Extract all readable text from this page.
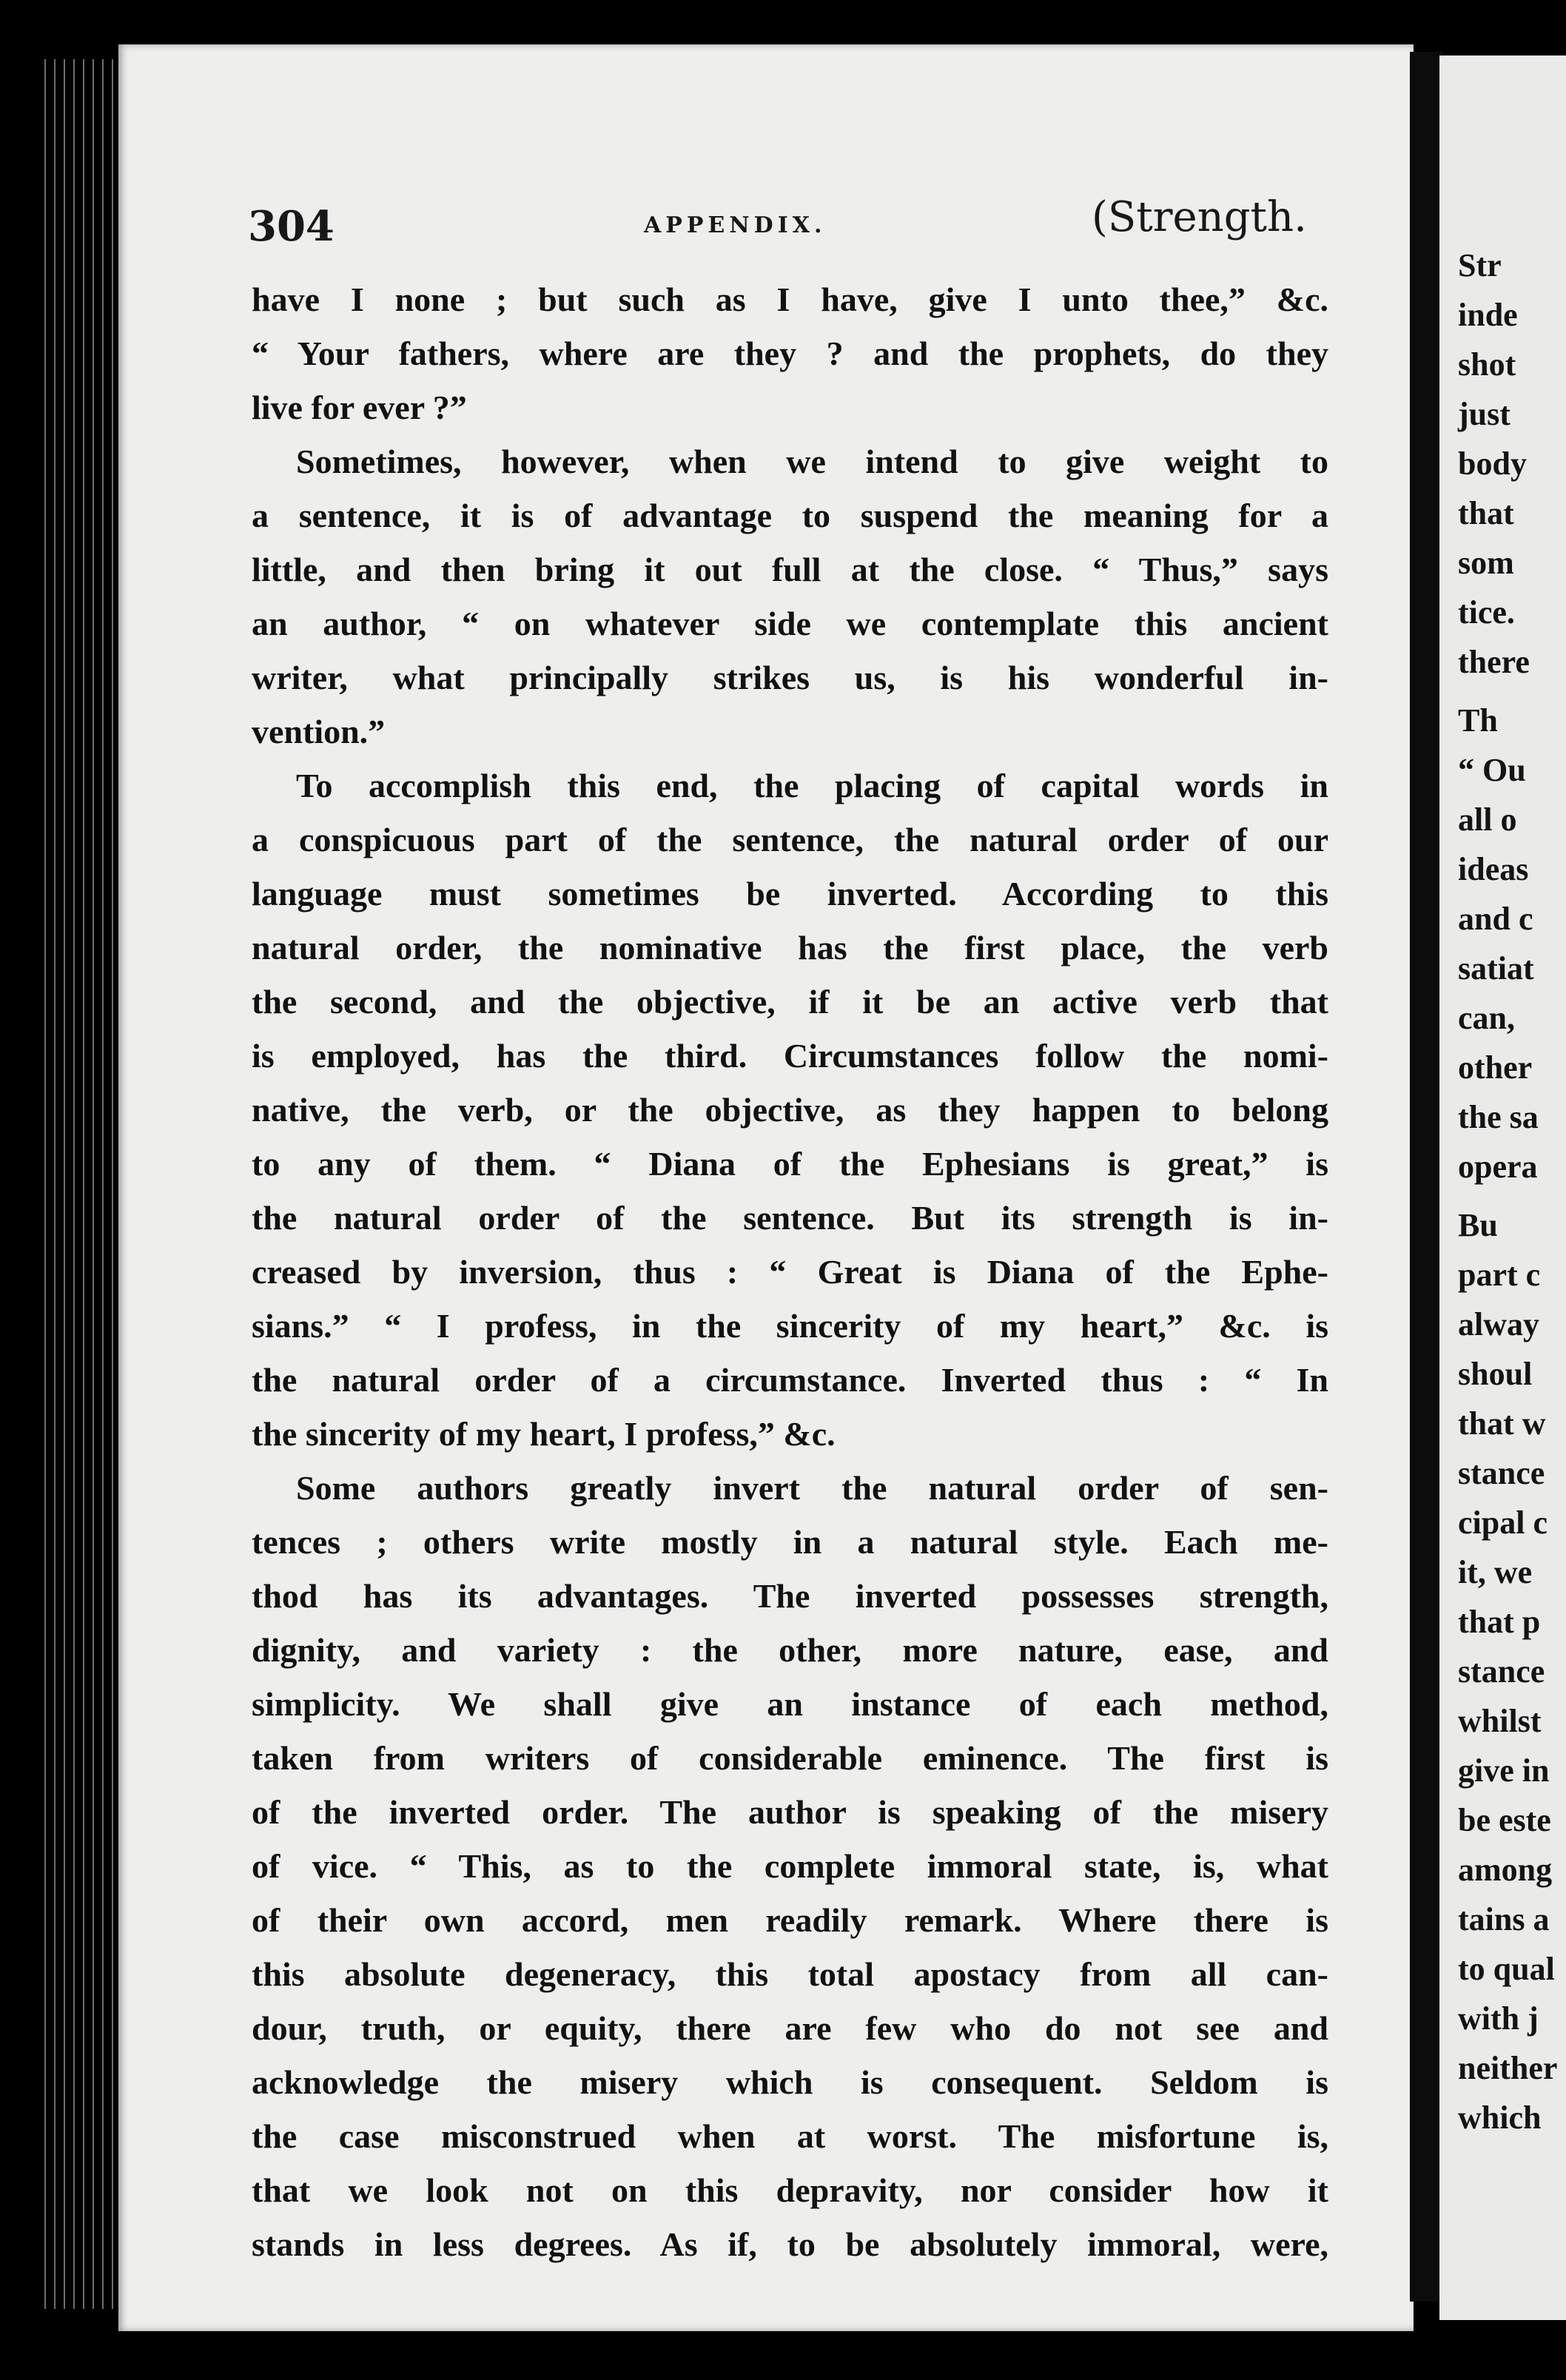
304	APPENDIX.	(Strength.

have I none ; but such as I have, give I unto thee,” &c.

“ Your fathers, where are they ? and the prophets, do they

live for ever ?”

Sometimes, however, when we intend to give weight to

a sentence, it is of advantage to suspend the meaning for a

little, and then bring it out full at the close. “ Thus,” says

an author, “ on whatever side we contemplate this ancient

writer, what principally strikes us, is his wonderful in-

vention.”

To accomplish this end, the placing of capital words in

a conspicuous part of the sentence, the natural order of our

language must sometimes be inverted. According to this

natural order, the nominative has the first place, the verb

the second, and the objective, if it be an active verb that

is employed, has the third. Circumstances follow the nomi-

native, the verb, or the objective, as they happen to belong

to any of them. “ Diana of the Ephesians is great,” is

the natural order of the sentence. But its strength is in-

creased by inversion, thus : “ Great is Diana of the Ephe-

sians.” “ I profess, in the sincerity of my heart,” &c. is

the natural order of a circumstance. Inverted thus : “ In

the sincerity of my heart, I profess,” &c.

Some authors greatly invert the natural order of sen-

tences ; others write mostly in a natural style. Each me-

thod has its advantages. The inverted possesses strength,

dignity, and variety : the other, more nature, ease, and

simplicity. We shall give an instance of each method,

taken from writers of considerable eminence. The first is

of the inverted order. The author is speaking of the misery

of vice. “ This, as to the complete immoral state, is, what

of their own accord, men readily remark. Where there is

this absolute degeneracy, this total apostacy from all can-

dour, truth, or equity, there are few who do not see and

acknowledge the misery which is consequent. Seldom is

the case misconstrued when at worst. The misfortune is,

that we look not on this depravity, nor consider how it

stands in less degrees. As if, to be absolutely immoral, were,

Str
inde
shot
just
body
that
som
tice.
there
Th
“ Ou
all o
ideas
and c
satiat
can,
other
the sa
opera
Bu
part c
alway
shoul
that w
stance
cipal c
it, we
that p
stance
whilst
give in
be este
among
tains a
to qual
with j
neither
which
